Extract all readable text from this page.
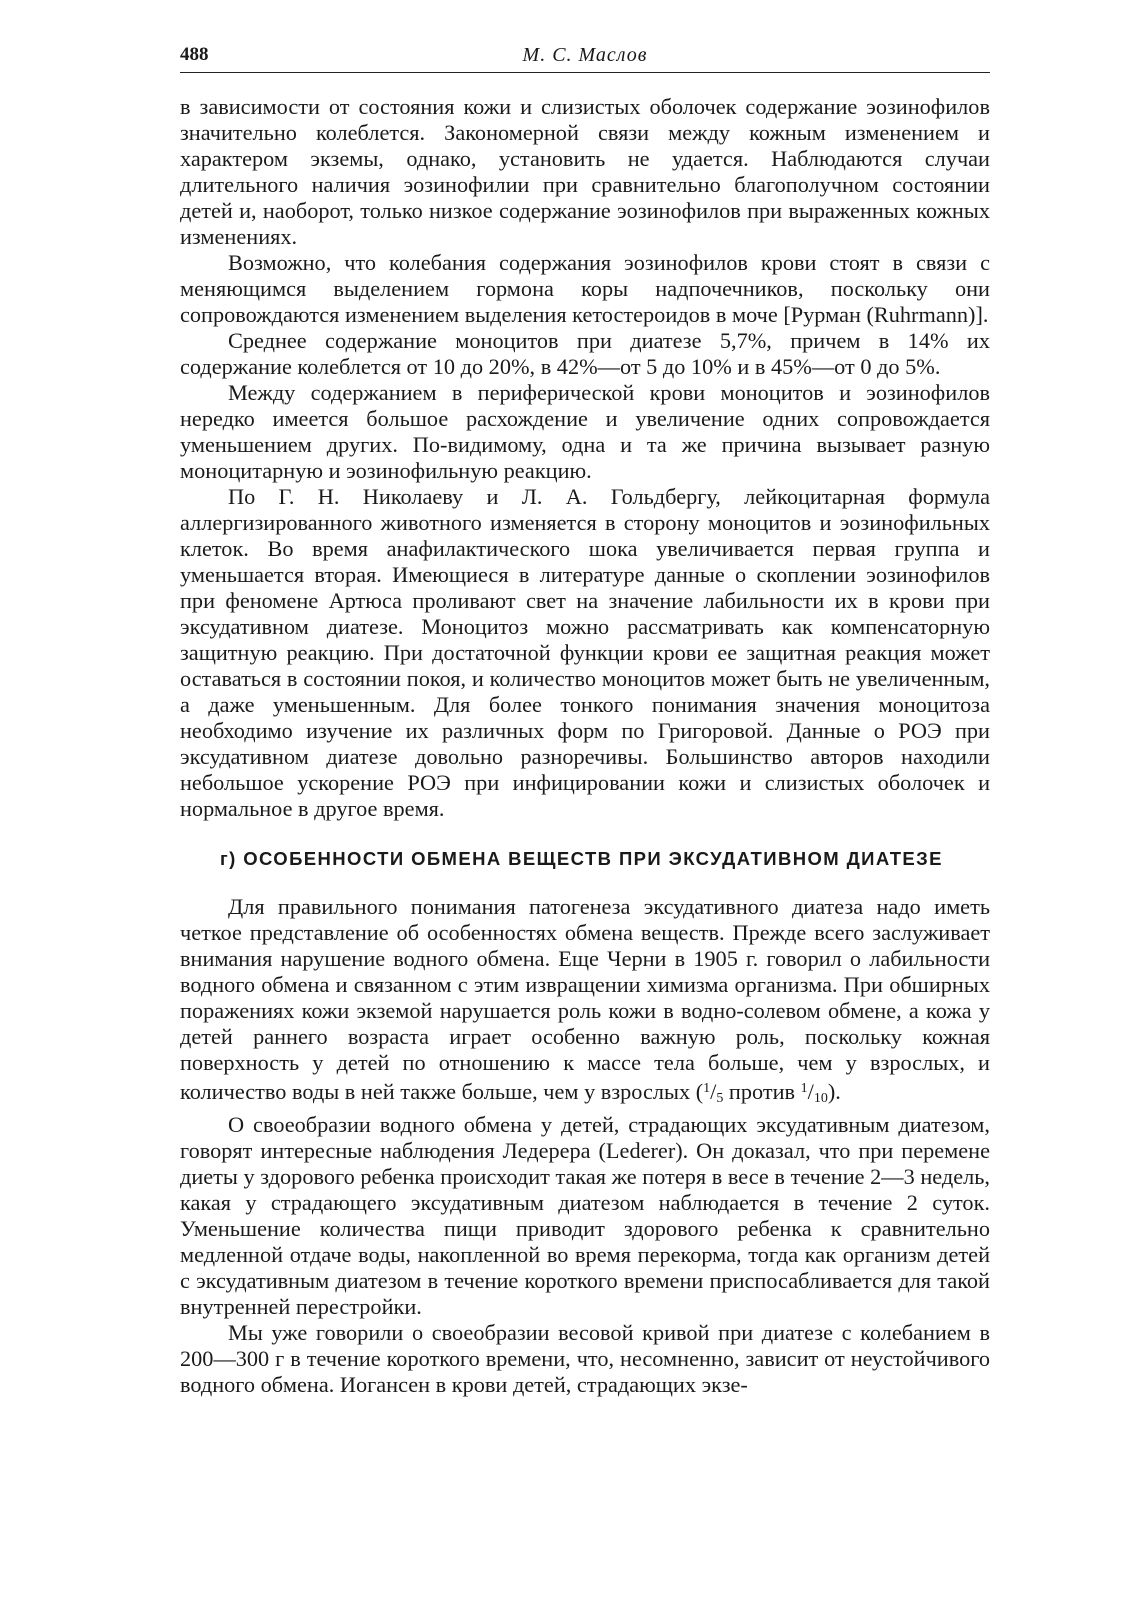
488	М. С. Маслов

в зависимости от состояния кожи и слизистых оболочек содержание эозинофилов значительно колеблется. Закономерной связи между кожным изменением и характером экземы, однако, установить не удается. Наблюдаются случаи длительного наличия эозинофилии при сравнительно благополучном состоянии детей и, наоборот, только низкое содержание эозинофилов при выраженных кожных изменениях.

Возможно, что колебания содержания эозинофилов крови стоят в связи с меняющимся выделением гормона коры надпочечников, поскольку они сопровождаются изменением выделения кетостероидов в моче [Рурман (Ruhrmann)].

Среднее содержание моноцитов при диатезе 5,7%, причем в 14% их содержание колеблется от 10 до 20%, в 42%—от 5 до 10% и в 45%—от 0 до 5%.

Между содержанием в периферической крови моноцитов и эозинофилов нередко имеется большое расхождение и увеличение одних сопровождается уменьшением других. По-видимому, одна и та же причина вызывает разную моноцитарную и эозинофильную реакцию.

По Г. Н. Николаеву и Л. А. Гольдбергу, лейкоцитарная формула аллергизированного животного изменяется в сторону моноцитов и эозинофильных клеток. Во время анафилактического шока увеличивается первая группа и уменьшается вторая. Имеющиеся в литературе данные о скоплении эозинофилов при феномене Артюса проливают свет на значение лабильности их в крови при эксудативном диатезе. Моноцитоз можно рассматривать как компенсаторную защитную реакцию. При достаточной функции крови ее защитная реакция может оставаться в состоянии покоя, и количество моноцитов может быть не увеличенным, а даже уменьшенным. Для более тонкого понимания значения моноцитоза необходимо изучение их различных форм по Григоровой. Данные о РОЭ при эксудативном диатезе довольно разноречивы. Большинство авторов находили небольшое ускорение РОЭ при инфицировании кожи и слизистых оболочек и нормальное в другое время.

г) ОСОБЕННОСТИ ОБМЕНА ВЕЩЕСТВ ПРИ ЭКСУДАТИВНОМ ДИАТЕЗЕ

Для правильного понимания патогенеза эксудативного диатеза надо иметь четкое представление об особенностях обмена веществ. Прежде всего заслуживает внимания нарушение водного обмена. Еще Черни в 1905 г. говорил о лабильности водного обмена и связанном с этим извращении химизма организма. При обширных поражениях кожи экземой нарушается роль кожи в водно-солевом обмене, а кожа у детей раннего возраста играет особенно важную роль, поскольку кожная поверхность у детей по отношению к массе тела больше, чем у взрослых, и количество воды в ней также больше, чем у взрослых ($^1/_5$ против $^1/_{10}$).

О своеобразии водного обмена у детей, страдающих эксудативным диатезом, говорят интересные наблюдения Ледерера (Lederer). Он доказал, что при перемене диеты у здорового ребенка происходит такая же потеря в весе в течение 2—3 недель, какая у страдающего эксудативным диатезом наблюдается в течение 2 суток. Уменьшение количества пищи приводит здорового ребенка к сравнительно медленной отдаче воды, накопленной во время перекорма, тогда как организм детей с эксудативным диатезом в течение короткого времени приспосабливается для такой внутренней перестройки.

Мы уже говорили о своеобразии весовой кривой при диатезе с колебанием в 200—300 г в течение короткого времени, что, несомненно, зависит от неустойчивого водного обмена. Иогансен в крови детей, страдающих экзе-
